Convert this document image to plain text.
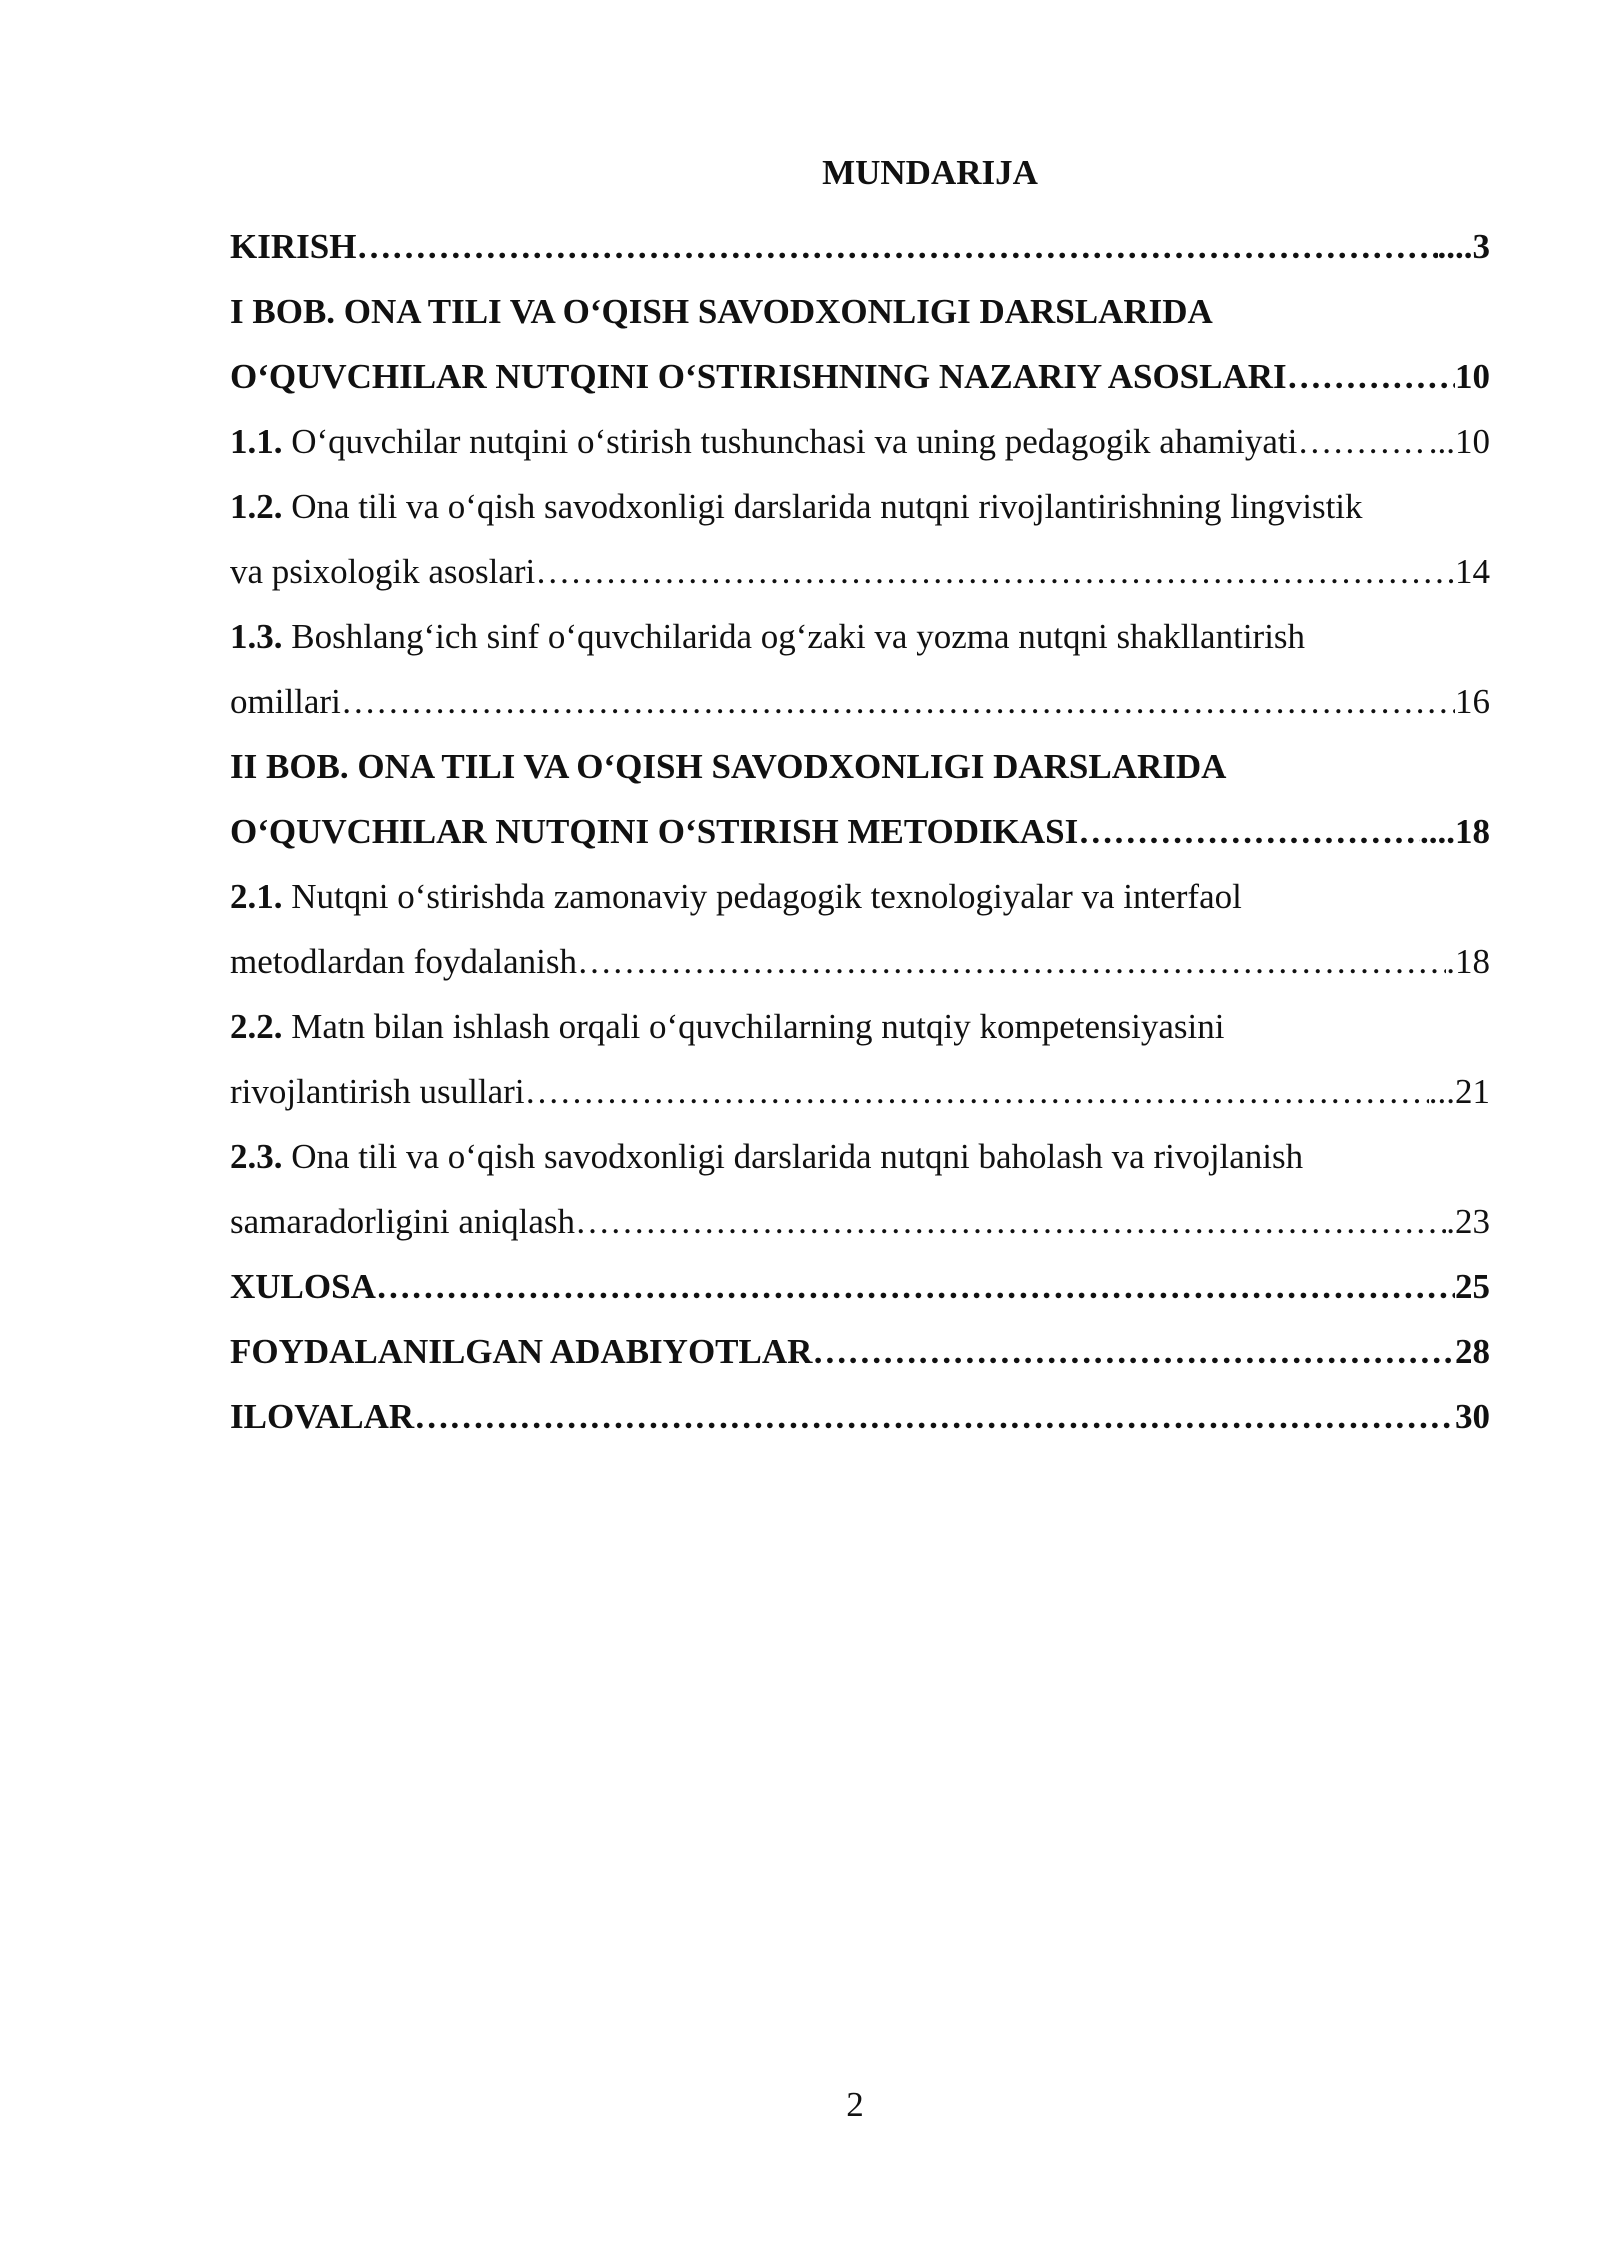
MUNDARIJA
KIRISH …………………………………………………………………………………………………………………………………………………………………………………………………………………	....3
I BOB. ONA TILI VA O‘QISH SAVODXONLIGI DARSLARIDA
O‘QUVCHILAR NUTQINI O‘STIRISHNING NAZARIY ASOSLARI …………………………………………………………………………………………………………………………………………………………………………………………………………………	10
1.1. O‘quvchilar nutqini o‘stirish tushunchasi va uning pedagogik ahamiyati …………………………………………………………………………………………………………………………………………………………………………………………………………………	...10
1.2. Ona tili va o‘qish savodxonligi darslarida nutqni rivojlantirishning lingvistik
va psixologik asoslari …………………………………………………………………………………………………………………………………………………………………………………………………………………	14
1.3. Boshlang‘ich sinf o‘quvchilarida og‘zaki va yozma nutqni shakllantirish
omillari …………………………………………………………………………………………………………………………………………………………………………………………………………………	16
II BOB. ONA TILI VA O‘QISH SAVODXONLIGI DARSLARIDA
O‘QUVCHILAR NUTQINI O‘STIRISH METODIKASI …………………………………………………………………………………………………………………………………………………………………………………………………………………	....18
2.1. Nutqni o‘stirishda zamonaviy pedagogik texnologiyalar va interfaol
metodlardan foydalanish …………………………………………………………………………………………………………………………………………………………………………………………………………………	.18
2.2. Matn bilan ishlash orqali o‘quvchilarning nutqiy kompetensiyasini
rivojlantirish usullari …………………………………………………………………………………………………………………………………………………………………………………………………………………	...21
2.3. Ona tili va o‘qish savodxonligi darslarida nutqni baholash va rivojlanish
samaradorligini aniqlash …………………………………………………………………………………………………………………………………………………………………………………………………………………	.23
XULOSA …………………………………………………………………………………………………………………………………………………………………………………………………………………	25
FOYDALANILGAN ADABIYOTLAR …………………………………………………………………………………………………………………………………………………………………………………………………………………	28
ILOVALAR …………………………………………………………………………………………………………………………………………………………………………………………………………………	30
2
